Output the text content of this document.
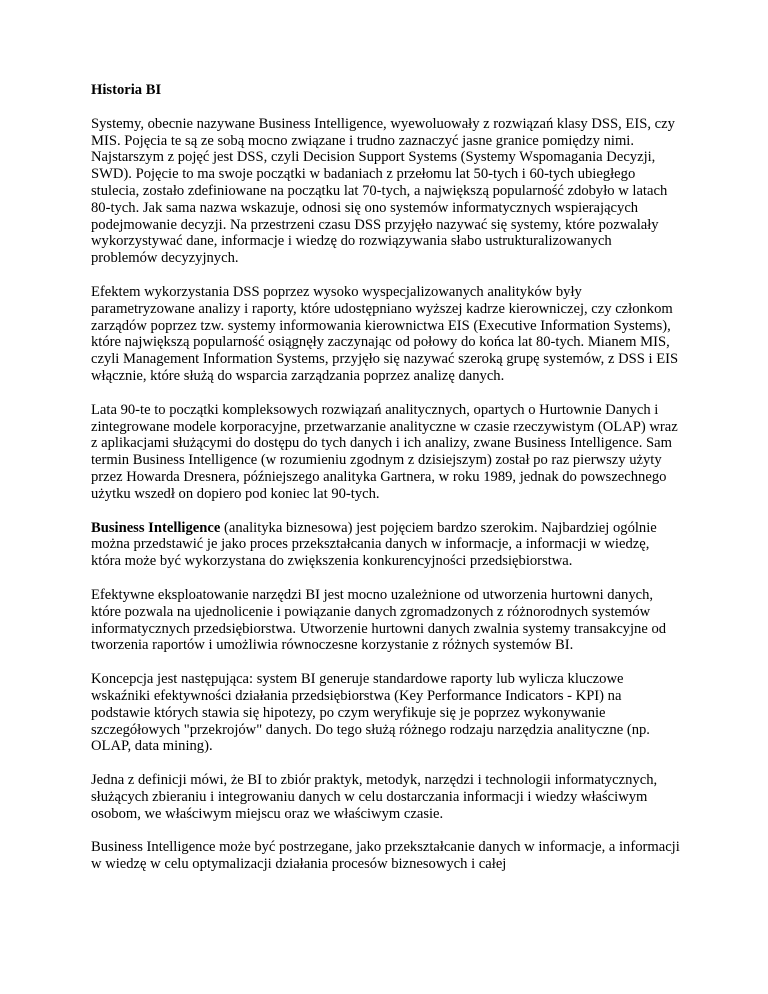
Historia BI

Systemy, obecnie nazywane Business Intelligence, wyewoluowały z rozwiązań klasy DSS, EIS, czy MIS. Pojęcia te są ze sobą mocno związane i trudno zaznaczyć jasne granice pomiędzy nimi. Najstarszym z pojęć jest DSS, czyli Decision Support Systems (Systemy Wspomagania Decyzji, SWD). Pojęcie to ma swoje początki w badaniach z przełomu lat 50-tych i 60-tych ubiegłego stulecia, zostało zdefiniowane na początku lat 70-tych, a największą popularność zdobyło w latach 80-tych. Jak sama nazwa wskazuje, odnosi się ono systemów informatycznych wspierających podejmowanie decyzji. Na przestrzeni czasu DSS przyjęło nazywać się systemy, które pozwalały wykorzystywać dane, informacje i wiedzę do rozwiązywania słabo ustrukturalizowanych problemów decyzyjnych.

Efektem wykorzystania DSS poprzez wysoko wyspecjalizowanych analityków były parametryzowane analizy i raporty, które udostępniano wyższej kadrze kierowniczej, czy członkom zarządów poprzez tzw. systemy informowania kierownictwa EIS (Executive Information Systems), które największą popularność osiągnęły zaczynając od połowy do końca lat 80-tych. Mianem MIS, czyli Management Information Systems, przyjęło się nazywać szeroką grupę systemów, z DSS i EIS włącznie, które służą do wsparcia zarządzania poprzez analizę danych.

Lata 90-te to początki kompleksowych rozwiązań analitycznych, opartych o Hurtownie Danych i zintegrowane modele korporacyjne, przetwarzanie analityczne w czasie rzeczywistym (OLAP) wraz z aplikacjami służącymi do dostępu do tych danych i ich analizy, zwane Business Intelligence. Sam termin Business Intelligence (w rozumieniu zgodnym z dzisiejszym) został po raz pierwszy użyty przez Howarda Dresnera, późniejszego analityka Gartnera, w roku 1989, jednak do powszechnego użytku wszedł on dopiero pod koniec lat 90-tych.

Business Intelligence (analityka biznesowa) jest pojęciem bardzo szerokim. Najbardziej ogólnie można przedstawić je jako proces przekształcania danych w informacje, a informacji w wiedzę, która może być wykorzystana do zwiększenia konkurencyjności przedsiębiorstwa.

Efektywne eksploatowanie narzędzi BI jest mocno uzależnione od utworzenia hurtowni danych, które pozwala na ujednolicenie i powiązanie danych zgromadzonych z różnorodnych systemów informatycznych przedsiębiorstwa. Utworzenie hurtowni danych zwalnia systemy transakcyjne od tworzenia raportów i umożliwia równoczesne korzystanie z różnych systemów BI.

Koncepcja jest następująca: system BI generuje standardowe raporty lub wylicza kluczowe wskaźniki efektywności działania przedsiębiorstwa (Key Performance Indicators - KPI) na podstawie których stawia się hipotezy, po czym weryfikuje się je poprzez wykonywanie szczegółowych "przekrojów" danych. Do tego służą różnego rodzaju narzędzia analityczne (np. OLAP, data mining).

Jedna z definicji mówi, że BI to zbiór praktyk, metodyk, narzędzi i technologii informatycznych, służących zbieraniu i integrowaniu danych w celu dostarczania informacji i wiedzy właściwym osobom, we właściwym miejscu oraz we właściwym czasie.

Business Intelligence może być postrzegane, jako przekształcanie danych w informacje, a informacji w wiedzę w celu optymalizacji działania procesów biznesowych i całej
